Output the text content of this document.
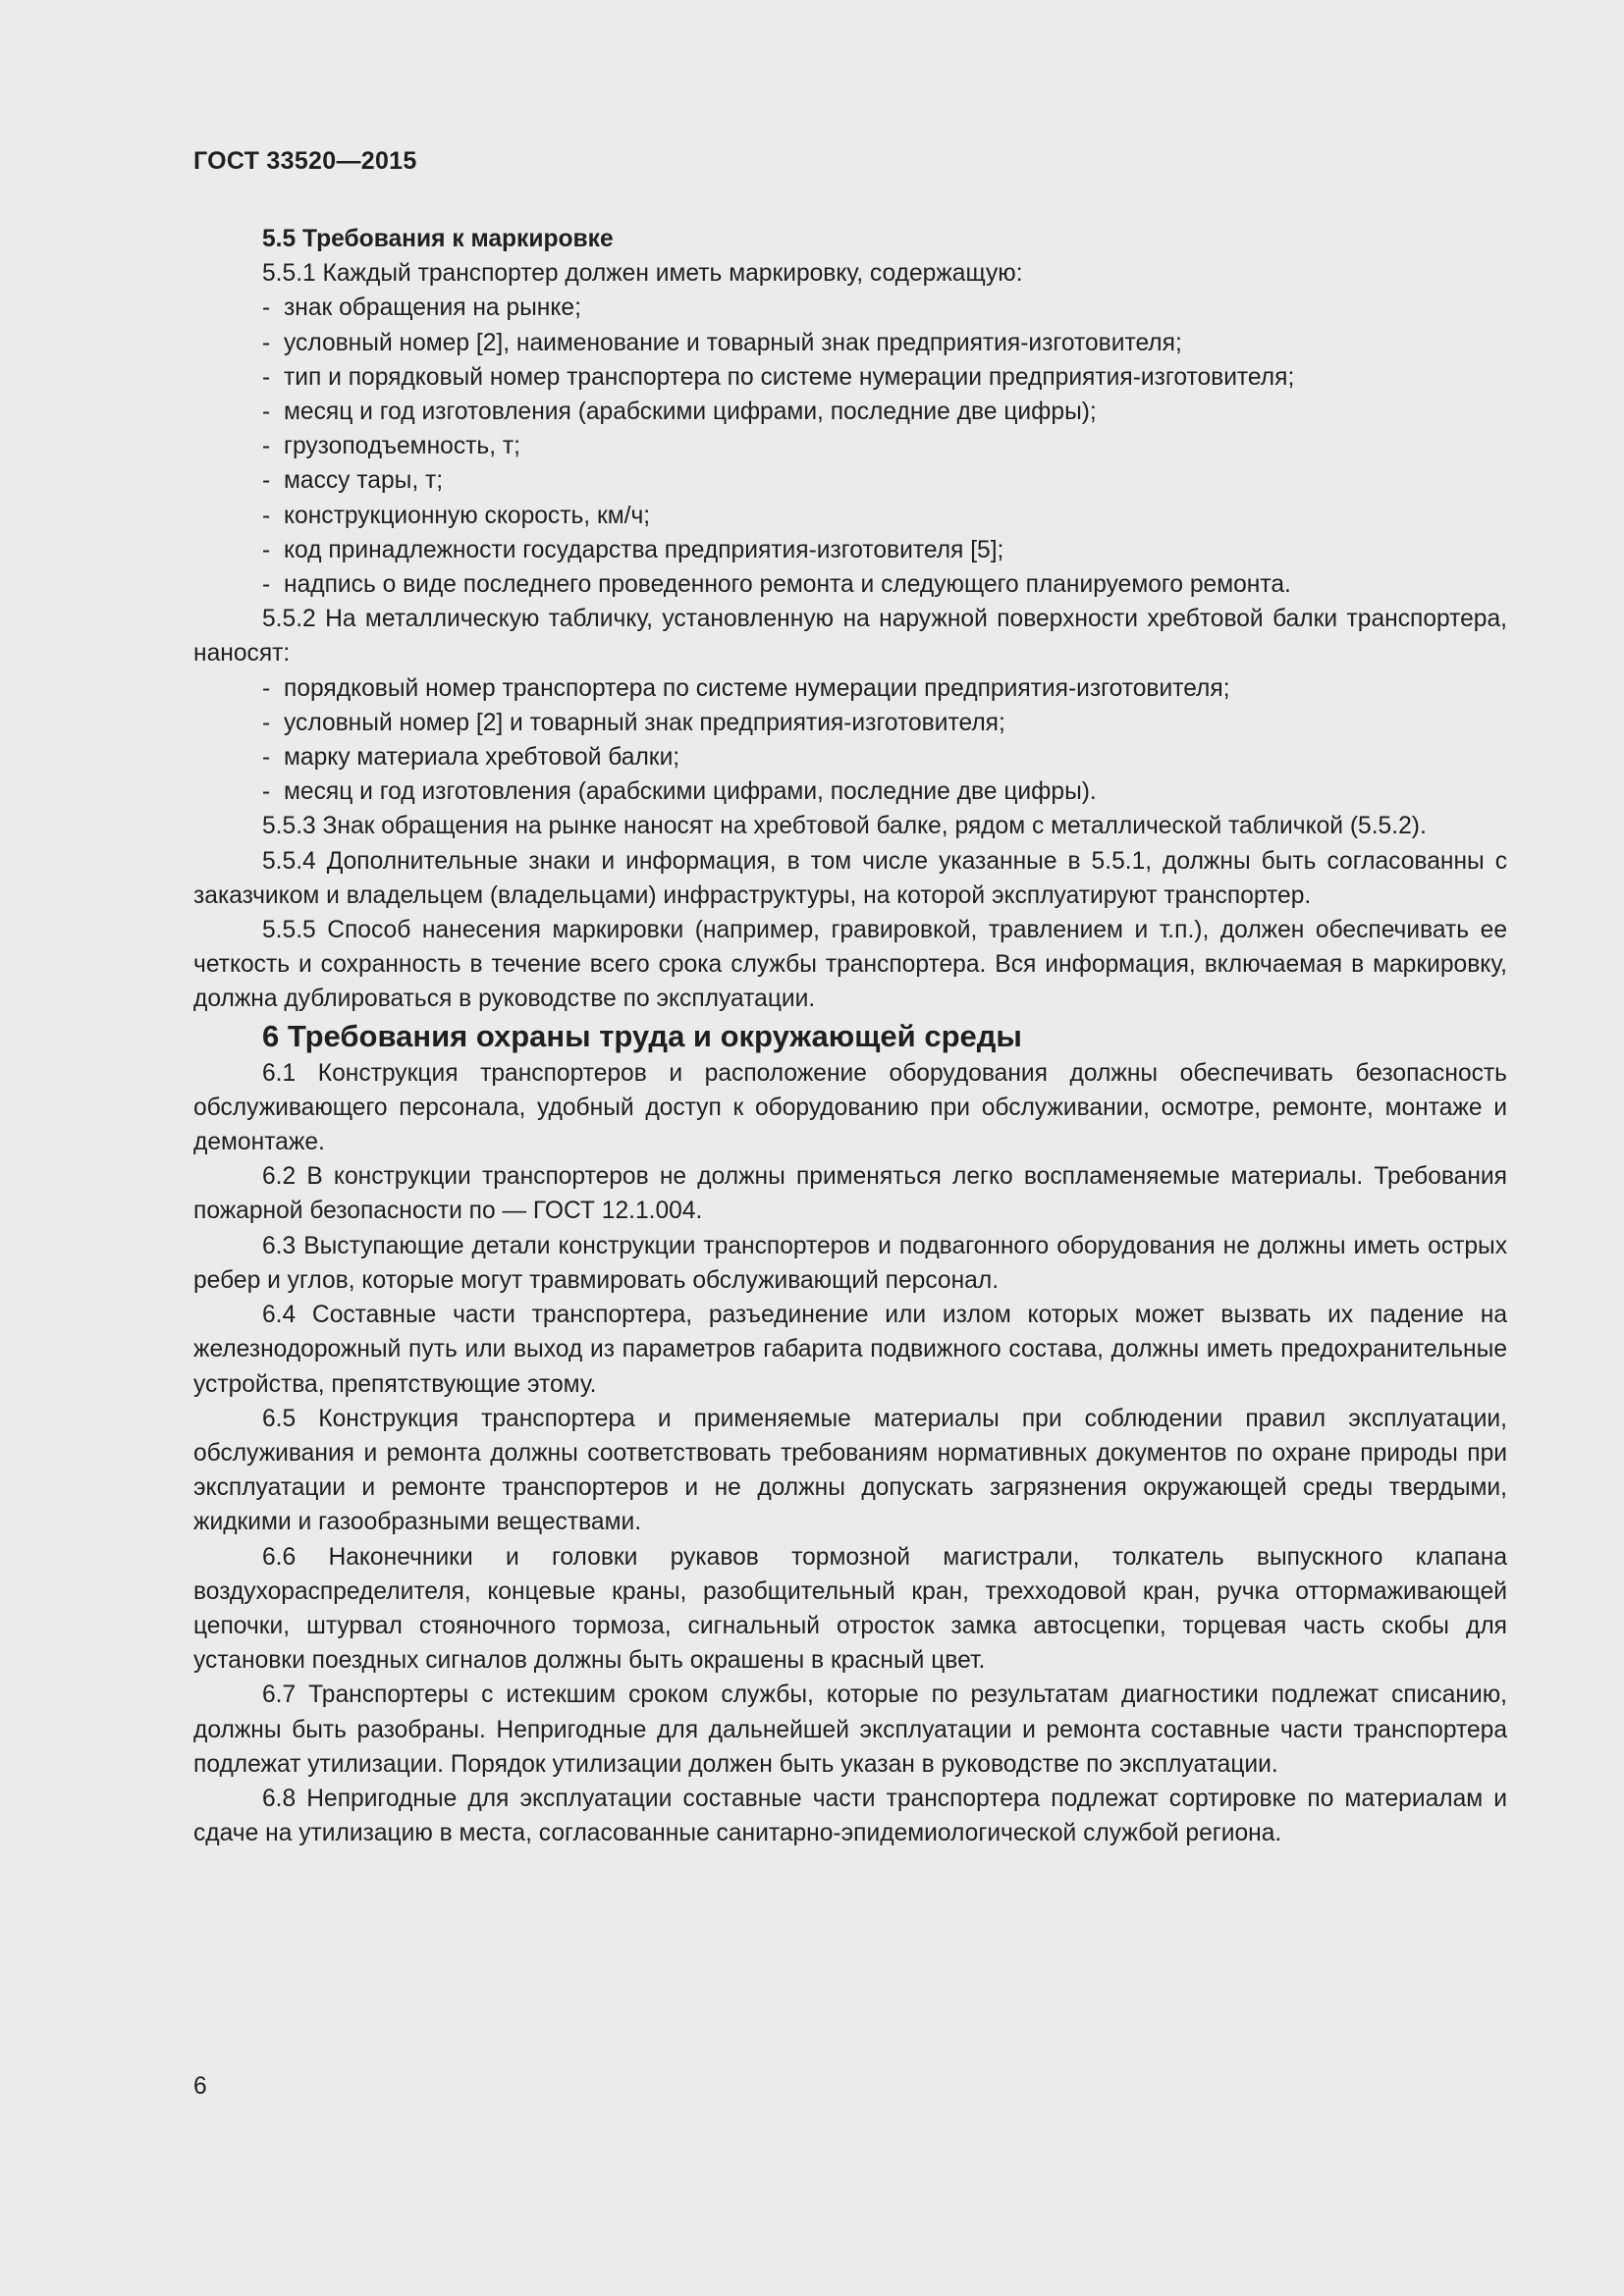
ГОСТ 33520—2015

5.5 Требования к маркировке

5.5.1 Каждый транспортер должен иметь маркировку, содержащую:

- знак обращения на рынке;
- условный номер [2], наименование и товарный знак предприятия-изготовителя;
- тип и порядковый номер транспортера по системе нумерации предприятия-изготовителя;
- месяц и год изготовления (арабскими цифрами, последние две цифры);
- грузоподъемность, т;
- массу тары, т;
- конструкционную скорость, км/ч;
- код принадлежности государства предприятия-изготовителя [5];
- надпись о виде последнего проведенного ремонта и следующего планируемого ремонта.

5.5.2 На металлическую табличку, установленную на наружной поверхности хребтовой балки транспортера, наносят:

- порядковый номер транспортера по системе нумерации предприятия-изготовителя;
- условный номер [2] и товарный знак предприятия-изготовителя;
- марку материала хребтовой балки;
- месяц и год изготовления (арабскими цифрами, последние две цифры).

5.5.3 Знак обращения на рынке наносят на хребтовой балке, рядом с металлической табличкой (5.5.2).

5.5.4 Дополнительные знаки и информация, в том числе указанные в 5.5.1, должны быть согласованны с заказчиком и владельцем (владельцами) инфраструктуры, на которой эксплуатируют транспортер.

5.5.5 Способ нанесения маркировки (например, гравировкой, травлением и т.п.), должен обеспечивать ее четкость и сохранность в течение всего срока службы транспортера. Вся информация, включаемая в маркировку, должна дублироваться в руководстве по эксплуатации.

6 Требования охраны труда и окружающей среды

6.1 Конструкция транспортеров и расположение оборудования должны обеспечивать безопасность обслуживающего персонала, удобный доступ к оборудованию при обслуживании, осмотре, ремонте, монтаже и демонтаже.

6.2 В конструкции транспортеров не должны применяться легко воспламеняемые материалы. Требования пожарной безопасности по — ГОСТ 12.1.004.

6.3 Выступающие детали конструкции транспортеров и подвагонного оборудования не должны иметь острых ребер и углов, которые могут травмировать обслуживающий персонал.

6.4 Составные части транспортера, разъединение или излом которых может вызвать их падение на железнодорожный путь или выход из параметров габарита подвижного состава, должны иметь предохранительные устройства, препятствующие этому.

6.5 Конструкция транспортера и применяемые материалы при соблюдении правил эксплуатации, обслуживания и ремонта должны соответствовать требованиям нормативных документов по охране природы при эксплуатации и ремонте транспортеров и не должны допускать загрязнения окружающей среды твердыми, жидкими и газообразными веществами.

6.6 Наконечники и головки рукавов тормозной магистрали, толкатель выпускного клапана воздухораспределителя, концевые краны, разобщительный кран, трехходовой кран, ручка оттормаживающей цепочки, штурвал стояночного тормоза, сигнальный отросток замка автосцепки, торцевая часть скобы для установки поездных сигналов должны быть окрашены в красный цвет.

6.7 Транспортеры с истекшим сроком службы, которые по результатам диагностики подлежат списанию, должны быть разобраны. Непригодные для дальнейшей эксплуатации и ремонта составные части транспортера подлежат утилизации. Порядок утилизации должен быть указан в руководстве по эксплуатации.

6.8 Непригодные для эксплуатации составные части транспортера подлежат сортировке по материалам и сдаче на утилизацию в места, согласованные санитарно-эпидемиологической службой региона.

6
